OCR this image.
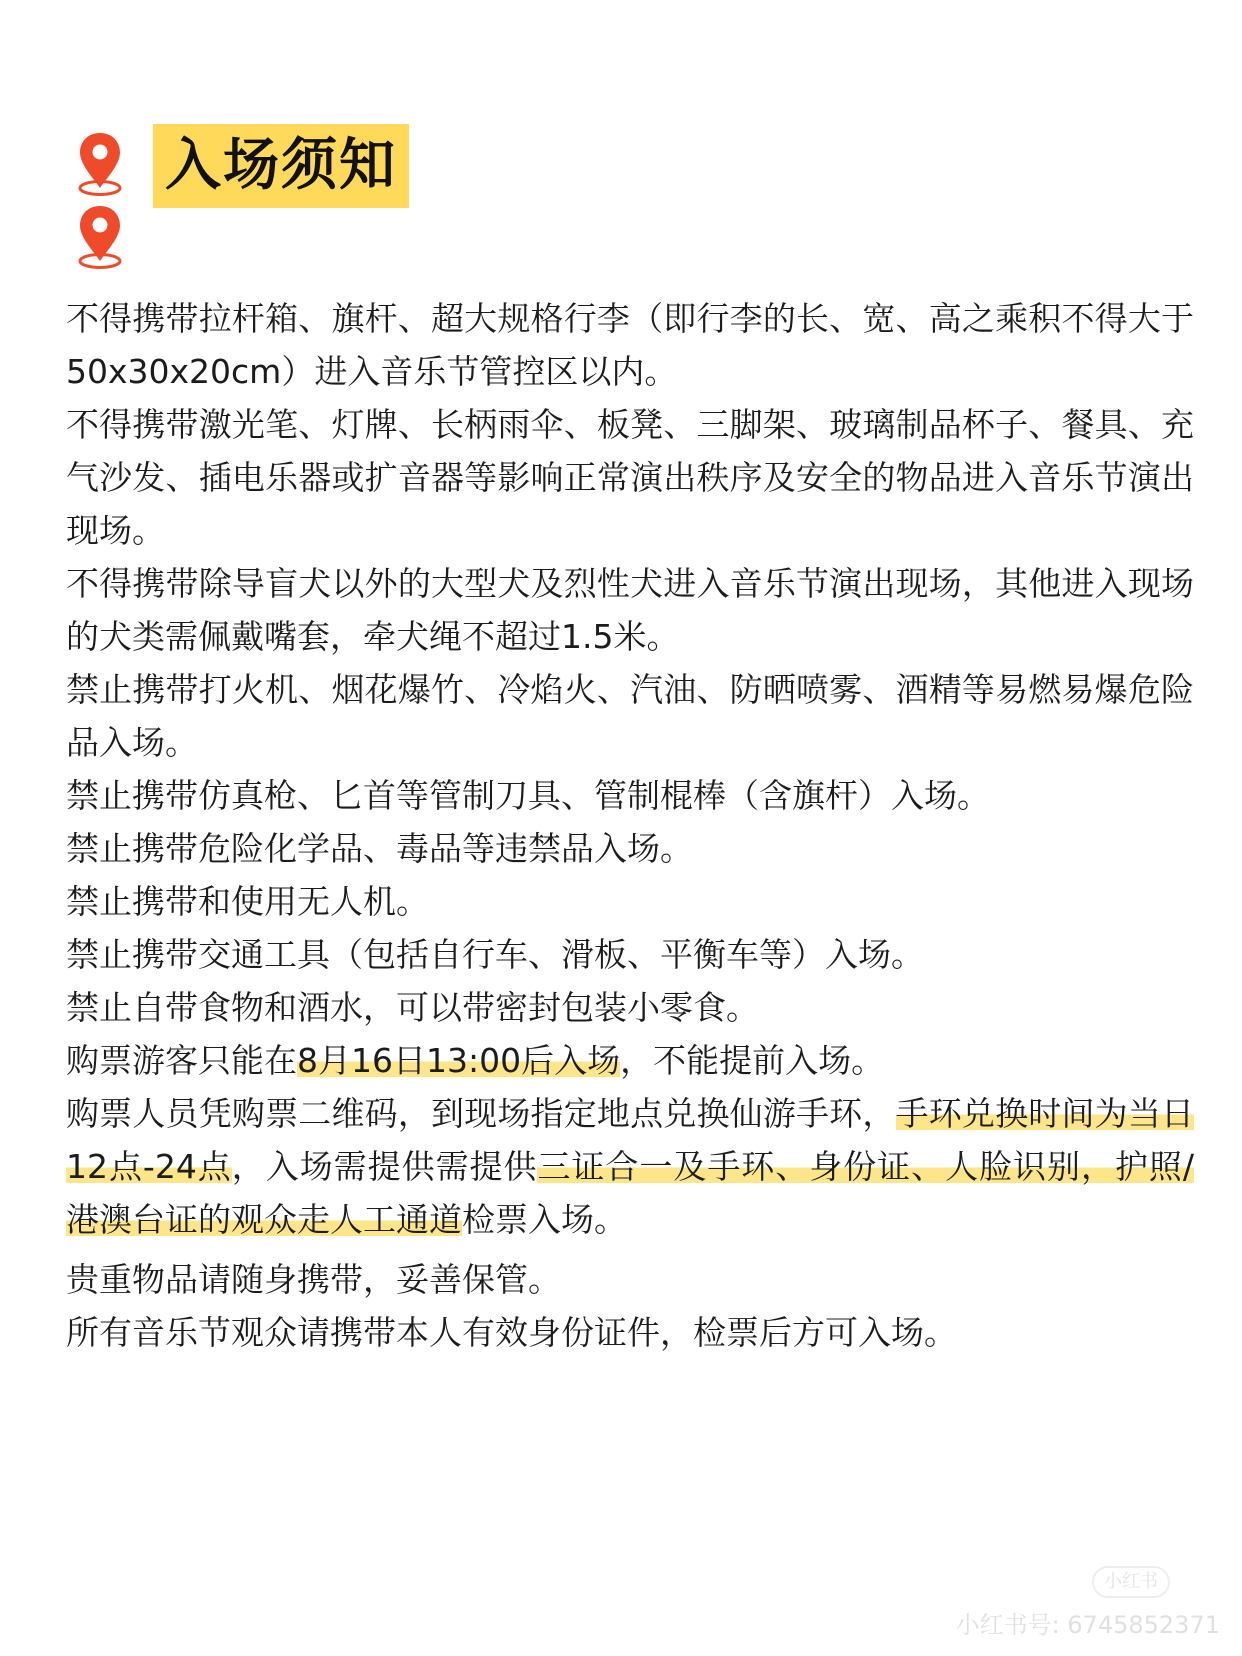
入场须知

不得携带拉杆箱、旗杆、超大规格行李（即行李的长、宽、高之乘积不得大于50x30x20cm）进入音乐节管控区以内。

不得携带激光笔、灯牌、长柄雨伞、板凳、三脚架、玻璃制品杯子、餐具、充气沙发、插电乐器或扩音器等影响正常演出秩序及安全的物品进入音乐节演出现场。

不得携带除导盲犬以外的大型犬及烈性犬进入音乐节演出现场，其他进入现场的犬类需佩戴嘴套，牵犬绳不超过1.5米。

禁止携带打火机、烟花爆竹、冷焰火、汽油、防晒喷雾、酒精等易燃易爆危险品入场。

禁止携带仿真枪、匕首等管制刀具、管制棍棒（含旗杆）入场。

禁止携带危险化学品、毒品等违禁品入场。

禁止携带和使用无人机。

禁止携带交通工具（包括自行车、滑板、平衡车等）入场。

禁止自带食物和酒水，可以带密封包装小零食。

购票游客只能在8月16日13:00后入场，不能提前入场。

购票人员凭购票二维码，到现场指定地点兑换仙游手环，手环兑换时间为当日12点-24点，入场需提供需提供三证合一及手环、身份证、人脸识别，护照/港澳台证的观众走人工通道检票入场。

贵重物品请随身携带，妥善保管。

所有音乐节观众请携带本人有效身份证件，检票后方可入场。

小红书
小红书号: 6745852371
